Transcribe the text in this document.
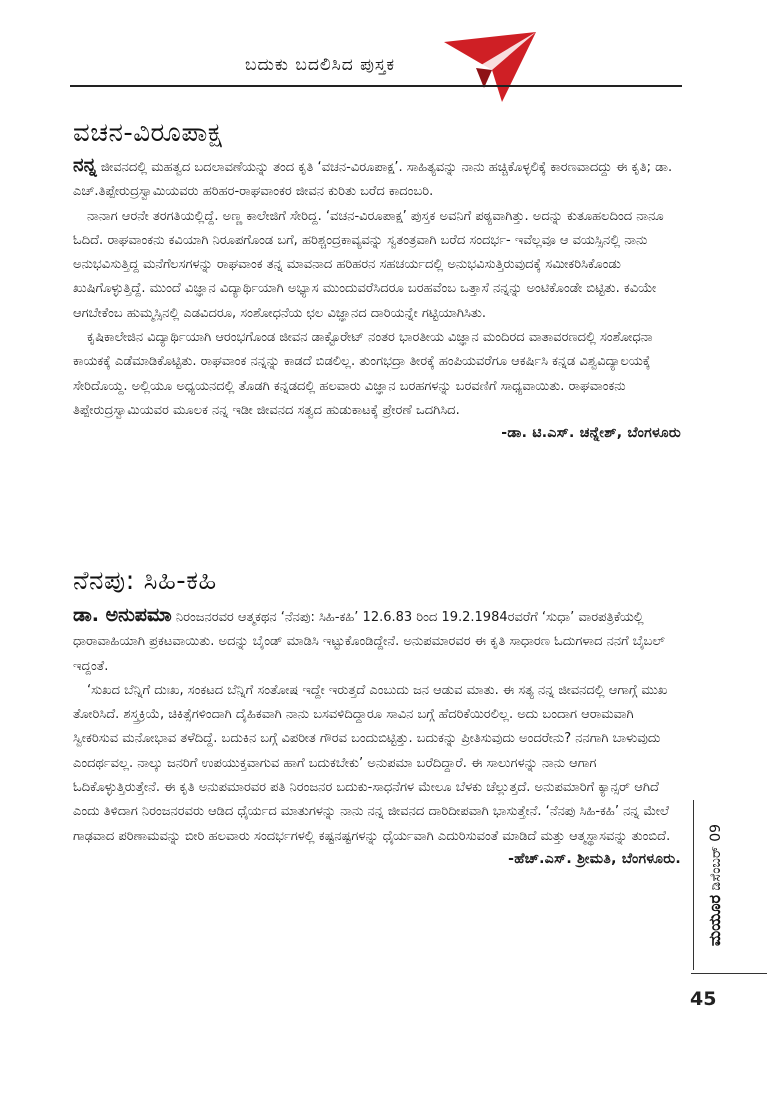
ಬದುಕು ಬದಲಿಸಿದ ಪುಸ್ತಕ
ವಚನ-ವಿರೂಪಾಕ್ಷ

ನನ್ನ ಜೀವನದಲ್ಲಿ ಮಹತ್ವದ ಬದಲಾವಣೆಯನ್ನು ತಂದ ಕೃತಿ ‘ವಚನ-ವಿರೂಪಾಕ್ಷ’. ಸಾಹಿತ್ಯವನ್ನು ನಾನು ಹಚ್ಚಿಕೊಳ್ಳಲಿಕ್ಕೆ ಕಾರಣವಾದದ್ದು ಈ ಕೃತಿ; ಡಾ. ಎಚ್.ತಿಪ್ಪೇರುದ್ರಸ್ವಾಮಿಯವರು ಹರಿಹರ-ರಾಘವಾಂಕರ ಜೀವನ ಕುರಿತು ಬರೆದ ಕಾದಂಬರಿ.

ನಾನಾಗ ಆರನೇ ತರಗತಿಯಲ್ಲಿದ್ದೆ. ಅಣ್ಣ ಕಾಲೇಜಿಗೆ ಸೇರಿದ್ದ. ‘ವಚನ-ವಿರೂಪಾಕ್ಷ’ ಪುಸ್ತಕ ಅವನಿಗೆ ಪಠ್ಯವಾಗಿತ್ತು. ಅದನ್ನು ಕುತೂಹಲದಿಂದ ನಾನೂ ಓದಿದೆ. ರಾಘವಾಂಕನು ಕವಿಯಾಗಿ ನಿರೂಪಗೊಂಡ ಬಗೆ, ಹರಿಶ್ಚಂದ್ರಕಾವ್ಯವನ್ನು ಸ್ವತಂತ್ರವಾಗಿ ಬರೆದ ಸಂದರ್ಭ- ಇವೆಲ್ಲವೂ ಆ ವಯಸ್ಸಿನಲ್ಲಿ ನಾನು ಅನುಭವಿಸುತ್ತಿದ್ದ ಮನೆಗೆಲಸಗಳನ್ನು ರಾಘವಾಂಕ ತನ್ನ ಮಾವನಾದ ಹರಿಹರನ ಸಹಚರ್ಯದಲ್ಲಿ ಅನುಭವಿಸುತ್ತಿರುವುದಕ್ಕೆ ಸಮೀಕರಿಸಿಕೊಂಡು ಖುಷಿಗೊಳ್ಳುತ್ತಿದ್ದೆ. ಮುಂದೆ ವಿಜ್ಞಾನ ವಿದ್ಯಾರ್ಥಿಯಾಗಿ ಅಭ್ಯಾಸ ಮುಂದುವರೆಸಿದರೂ ಬರಹವೆಂಬ ಒತ್ತಾಸೆ ನನ್ನನ್ನು ಅಂಟಿಕೊಂಡೇ ಬಿಟ್ಟಿತು. ಕವಿಯೇ ಆಗಬೇಕೆಂಬ ಹುಮ್ಮಸ್ಸಿನಲ್ಲಿ ಎಡವಿದರೂ, ಸಂಶೋಧನೆಯ ಛಲ ವಿಜ್ಞಾನದ ದಾರಿಯನ್ನೇ ಗಟ್ಟಿಯಾಗಿಸಿತು.

ಕೃಷಿಕಾಲೇಜಿನ ವಿದ್ಯಾರ್ಥಿಯಾಗಿ ಆರಂಭಗೊಂಡ ಜೀವನ ಡಾಕ್ಟೊರೇಟ್ ನಂತರ ಭಾರತೀಯ ವಿಜ್ಞಾನ ಮಂದಿರದ ವಾತಾವರಣದಲ್ಲಿ ಸಂಶೋಧನಾ ಕಾಯಕಕ್ಕೆ ಎಡೆಮಾಡಿಕೊಟ್ಟಿತು. ರಾಘವಾಂಕ ನನ್ನನ್ನು ಕಾಡದೆ ಬಿಡಲಿಲ್ಲ. ತುಂಗಭದ್ರಾ ತೀರಕ್ಕೆ ಹಂಪಿಯವರೆಗೂ ಆಕರ್ಷಿಸಿ ಕನ್ನಡ ವಿಶ್ವವಿದ್ಯಾಲಯಕ್ಕೆ ಸೇರಿದೊಯ್ದ. ಅಲ್ಲಿಯೂ ಅಧ್ಯಯನದಲ್ಲಿ ತೊಡಗಿ ಕನ್ನಡದಲ್ಲಿ ಹಲವಾರು ವಿಜ್ಞಾನ ಬರಹಗಳನ್ನು ಬರವಣಿಗೆ ಸಾಧ್ಯವಾಯಿತು. ರಾಘವಾಂಕನು ತಿಪ್ಪೇರುದ್ರಸ್ವಾಮಿಯವರ ಮೂಲಕ ನನ್ನ ಇಡೀ ಜೀವನದ ಸತ್ವದ ಹುಡುಕಾಟಕ್ಕೆ ಪ್ರೇರಣೆ ಒದಗಿಸಿದ.

-ಡಾ. ಟಿ.ಎಸ್. ಚನ್ನೇಶ್, ಬೆಂಗಳೂರು

ನೆನಪು: ಸಿಹಿ-ಕಹಿ

ಡಾ. ಅನುಪಮಾ ನಿರಂಜನರವರ ಆತ್ಮಕಥನ ‘ನೆನಪು: ಸಿಹಿ-ಕಹಿ’ 12.6.83 ರಿಂದ 19.2.1984ರವರೆಗೆ ‘ಸುಧಾ’ ವಾರಪತ್ರಿಕೆಯಲ್ಲಿ ಧಾರಾವಾಹಿಯಾಗಿ ಪ್ರಕಟವಾಯಿತು. ಅದನ್ನು ಬೈಂಡ್ ಮಾಡಿಸಿ ಇಟ್ಟುಕೊಂಡಿದ್ದೇನೆ. ಅನುಪಮಾರವರ ಈ ಕೃತಿ ಸಾಧಾರಣ ಓದುಗಳಾದ ನನಗೆ ಬೈಬಲ್ ಇದ್ದಂತೆ.

‘ಸುಖದ ಬೆನ್ನಿಗೆ ದುಃಖ, ಸಂಕಟದ ಬೆನ್ನಿಗೆ ಸಂತೋಷ ಇದ್ದೇ ಇರುತ್ತದೆ ಎಂಬುದು ಜನ ಆಡುವ ಮಾತು. ಈ ಸತ್ಯ ನನ್ನ ಜೀವನದಲ್ಲಿ ಆಗಾಗ್ಗೆ ಮುಖ ತೋರಿಸಿದೆ. ಶಸ್ತ್ರಕ್ರಿಯೆ, ಚಿಕಿತ್ಸೆಗಳಿಂದಾಗಿ ದೈಹಿಕವಾಗಿ ನಾನು ಬಸವಳಿದಿದ್ದಾರೂ ಸಾವಿನ ಬಗ್ಗೆ ಹೆದರಿಕೆಯಿರಲಿಲ್ಲ. ಅದು ಬಂದಾಗ ಆರಾಮವಾಗಿ ಸ್ವೀಕರಿಸುವ ಮನೋಭಾವ ತಳೆದಿದ್ದೆ. ಬದುಕಿನ ಬಗ್ಗೆ ವಿಪರೀತ ಗೌರವ ಬಂದುಬಿಟ್ಟಿತ್ತು. ಬದುಕನ್ನು ಪ್ರೀತಿಸುವುದು ಅಂದರೇನು? ನನಗಾಗಿ ಬಾಳುವುದು ಎಂದರ್ಥವಲ್ಲ. ನಾಲ್ಕು ಜನರಿಗೆ ಉಪಯುಕ್ತವಾಗುವ ಹಾಗೆ ಬದುಕಬೇಕು’ ಅನುಪಮಾ ಬರೆದಿದ್ದಾರೆ. ಈ ಸಾಲುಗಳನ್ನು ನಾನು ಆಗಾಗ ಓದಿಕೊಳ್ಳುತ್ತಿರುತ್ತೇನೆ. ಈ ಕೃತಿ ಅನುಪಮಾರವರ ಪತಿ ನಿರಂಜನರ ಬದುಕು-ಸಾಧನೆಗಳ ಮೇಲೂ ಬೆಳಕು ಚೆಲ್ಲುತ್ತದೆ. ಅನುಪಮಾರಿಗೆ ಕ್ಯಾನ್ಸರ್ ಆಗಿದೆ ಎಂದು ತಿಳಿದಾಗ ನಿರಂಜನರವರು ಆಡಿದ ಧೈರ್ಯದ ಮಾತುಗಳನ್ನು ನಾನು ನನ್ನ ಜೀವನದ ದಾರಿದೀಪವಾಗಿ ಭಾಸುತ್ತೇನೆ. ‘ನೆನಪು ಸಿಹಿ-ಕಹಿ’ ನನ್ನ ಮೇಲೆ ಗಾಢವಾದ ಪರಿಣಾಮವನ್ನು ಬೀರಿ ಹಲವಾರು ಸಂದರ್ಭಗಳಲ್ಲಿ ಕಷ್ಟನಷ್ಟಗಳನ್ನು ಧೈರ್ಯವಾಗಿ ಎದುರಿಸುವಂತೆ ಮಾಡಿದೆ ಮತ್ತು ಆತ್ಮಸ್ಥಾಸವನ್ನು ತುಂಬಿದೆ.

-ಹೆಚ್.ಎಸ್. ಶ್ರೀಮತಿ, ಬೆಂಗಳೂರು.

ಮಯೂರ ಡಿಸೆಂಬರ್ 09
45
